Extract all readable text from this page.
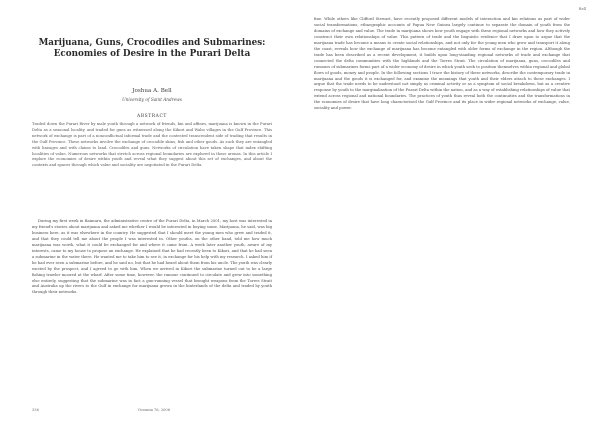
Marijuana, Guns, Crocodiles and Submarines: Economies of Desire in the Purari Delta
Joshua A. Bell
University of Saint Andrews
ABSTRACT

Traded down the Purari River by male youth through a network of friends, kin and affines, marijuana is known in the Purari Delta as a seasonal locality, and traded for guns as witnessed along the Kikori and Wabo villages in the Gulf Province. This network of exchange is part of a nonconflictual informal trade and the contested transcendent side of trading that results in the Gulf Province. These networks involve the exchange of crocodile skins, fish and other goods. As such they are entangled with lineages and with claims to land. Crocodiles and guns. Networks of circulation have taken shape that index shifting localities of value. Numerous networks that stretch across regional boundaries are explored in these arenas. In this article I explore the economies of desire within youth and reveal what they suggest about this set of exchanges, and about the contexts and spaces through which value and sociality are negotiated in the Purari Delta.

During my first week in Baimuru, the administrative centre of the Purari Delta, in March 2001, my host was interested in my friend's stories about marijuana and asked me whether I would be interested in buying some. Marijuana, he said, was big business here, as it was elsewhere in the country. He suggested that I should meet the young men who grew and traded it, and that they could tell me about the people I was interested in. Other youths, on the other hand, told me how much marijuana was worth, what it could be exchanged for and where it came from. A week later another youth, aware of my interests, came to my house to propose an exchange. He explained that he had recently been to Kikori, and that he had seen a submarine in the water there. He wanted me to take him to see it, in exchange for his help with my research. I asked him if he had ever seen a submarine before, and he said no, but that he had heard about them from his uncle. The youth was clearly excited by the prospect, and I agreed to go with him. When we arrived in Kikori the submarine turned out to be a large fishing trawler moored at the wharf. After some time, however, the rumour continued to circulate and grew into something else entirely, suggesting that the submarine was in fact a gun-running vessel that brought weapons from the Torres Strait and Australia up the rivers to the Gulf in exchange for marijuana grown in the hinterlands of the delta and traded by youth through their networks.

336	Oceania 76, 2006
Bell

fine. While others like Clifford Stewart, have recently proposed different models of interaction and kin relations as part of wider social transformations, ethnographic accounts of Papua New Guinea largely continue to separate the domain of youth from the domains of exchange and value. The trade in marijuana shows how youth engage with these regional networks and how they actively construct their own relationships of value. This pattern of trade and the linguistic evidence that I draw upon to argue that the marijuana trade has become a means to create social relationships, and not only for the young men who grow and transport it along the coast, reveals how the exchange of marijuana has become entangled with older forms of exchange in the region. Although the trade has been described as a recent development, it builds upon long-standing regional networks of trade and exchange that connected the delta communities with the highlands and the Torres Strait. The circulation of marijuana, guns, crocodiles and rumours of submarines forms part of a wider economy of desire in which youth seek to position themselves within regional and global flows of goods, money and people. In the following sections I trace the history of these networks, describe the contemporary trade in marijuana and the goods it is exchanged for, and examine the meanings that youth and their elders attach to these exchanges. I argue that the trade needs to be understood not simply as criminal activity or as a symptom of social breakdown, but as a creative response by youth to the marginalisation of the Purari Delta within the nation, and as a way of establishing relationships of value that extend across regional and national boundaries. The practices of youth thus reveal both the continuities and the transformations in the economies of desire that have long characterised the Gulf Province and its place in wider regional networks of exchange, value, sociality and power.
